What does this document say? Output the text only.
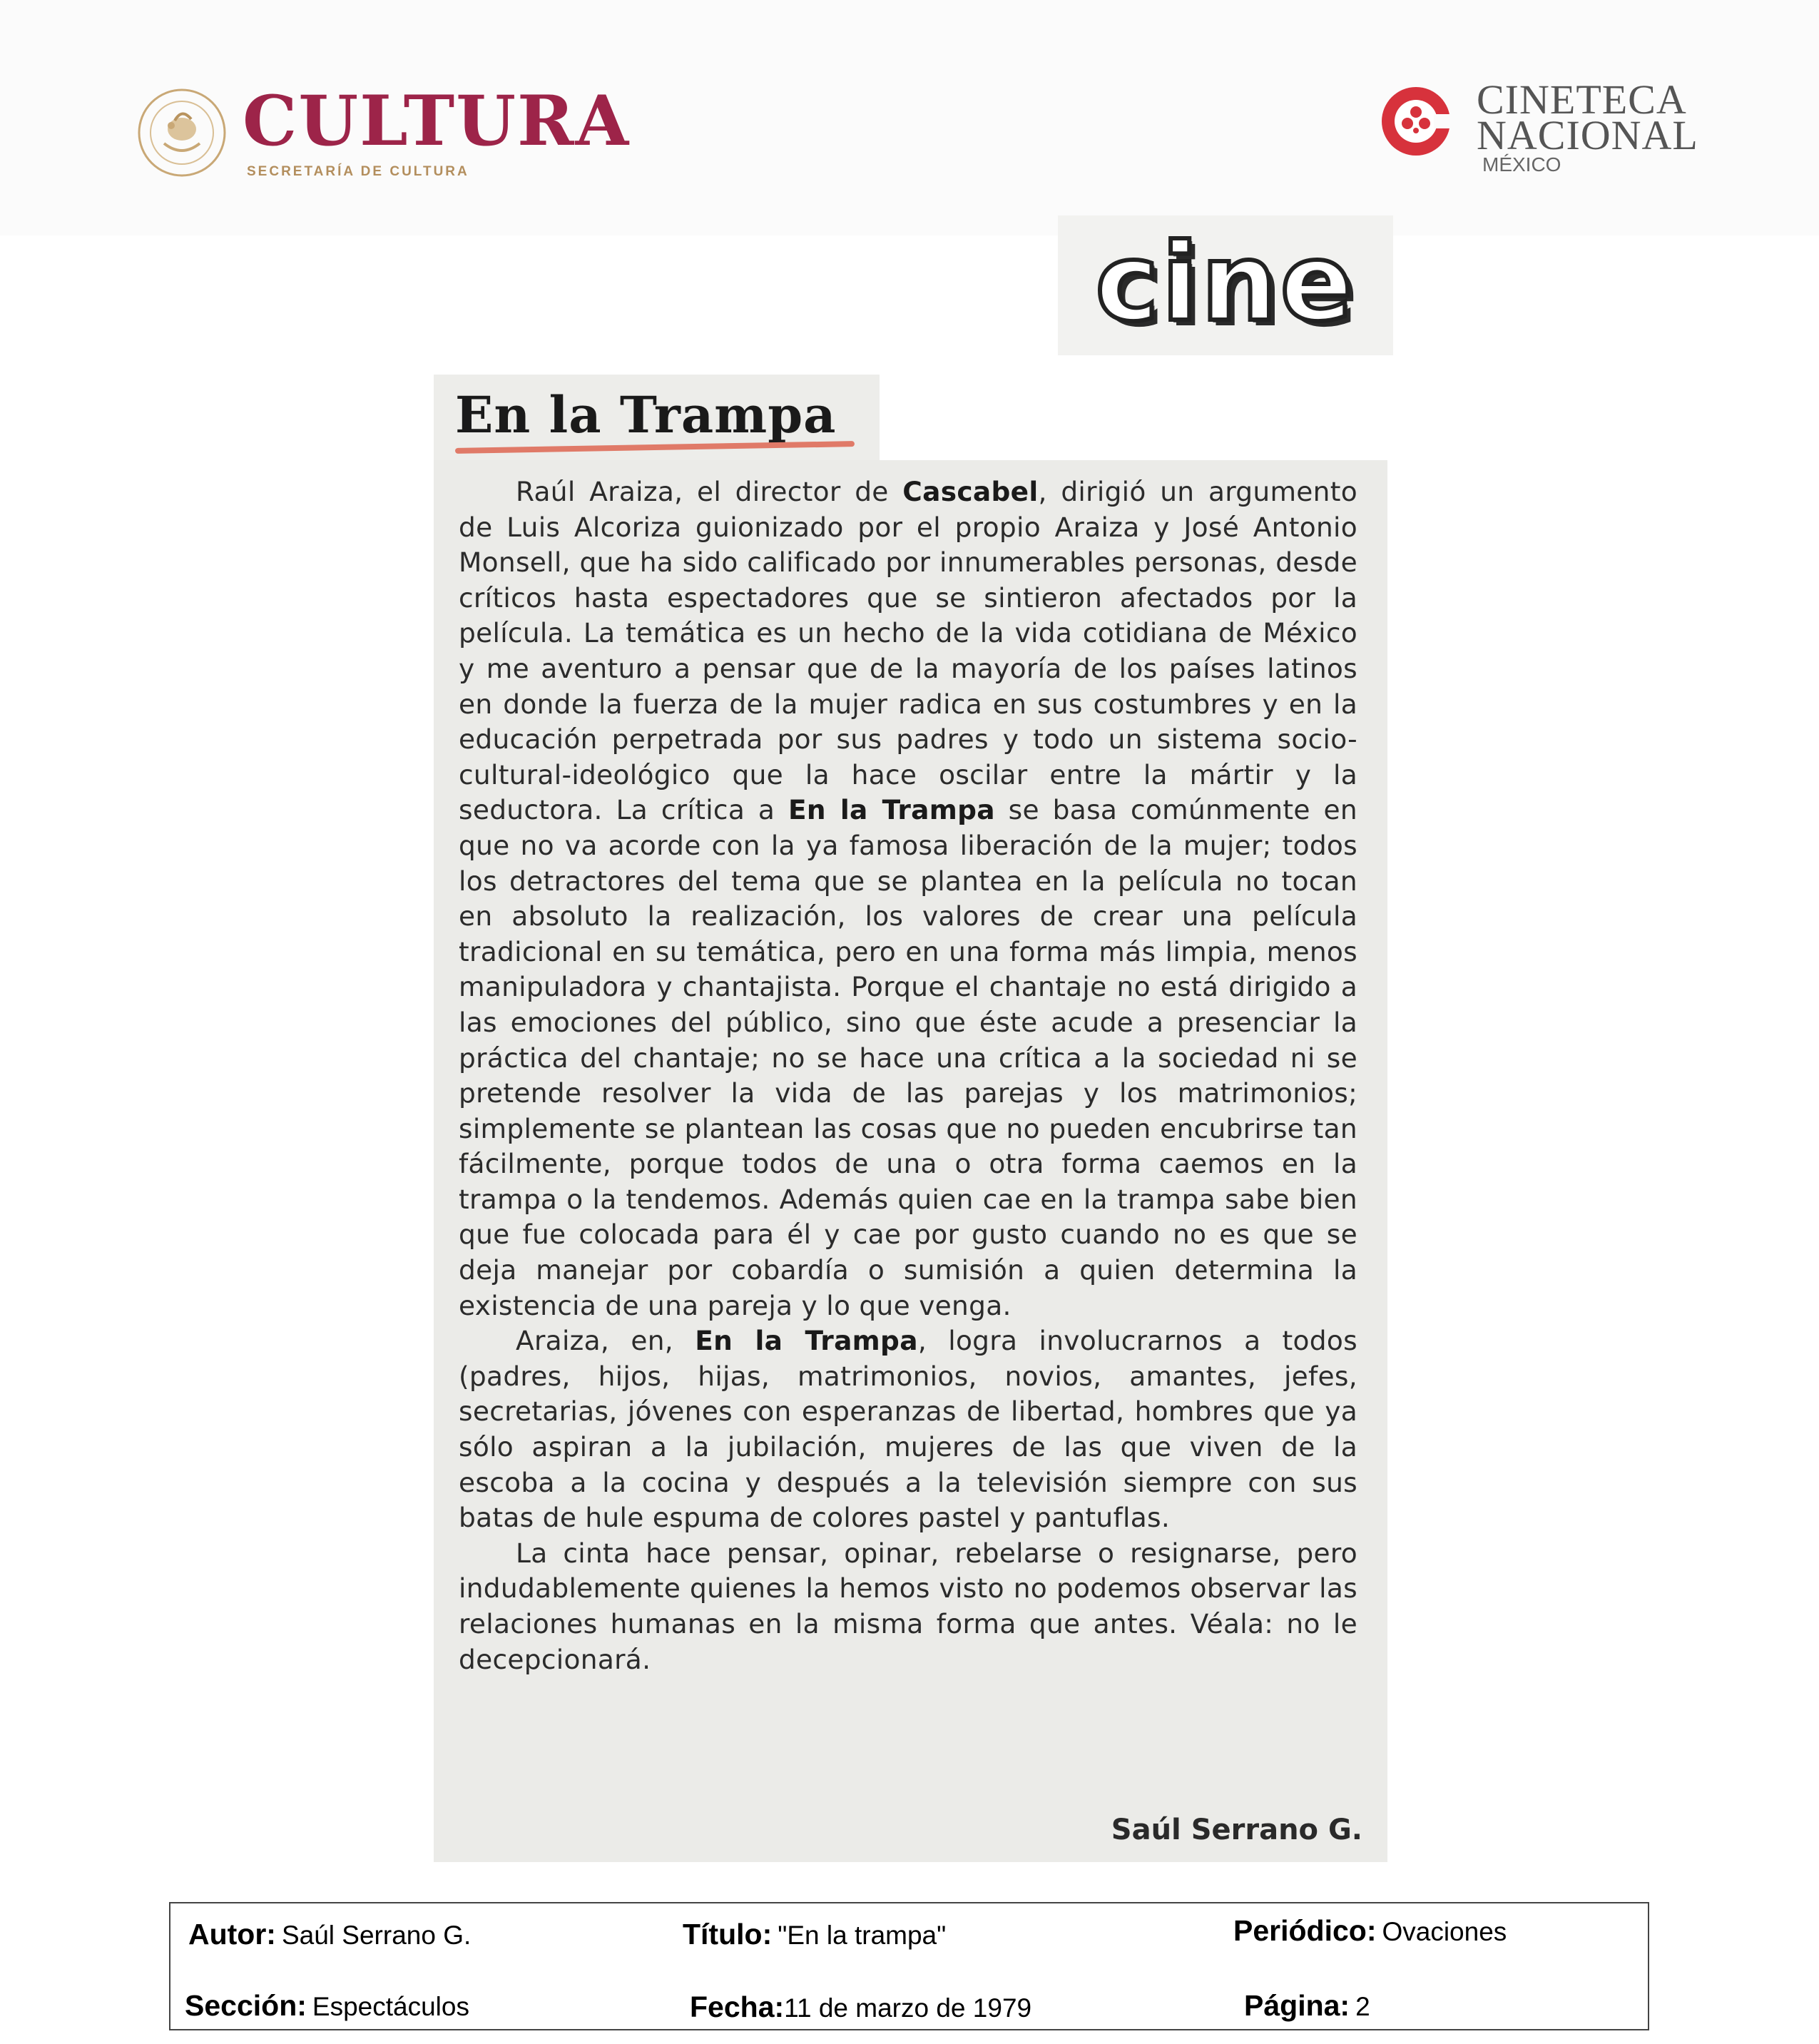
CULTURA
SECRETARÍA DE CULTURA
CINETECA
NACIONAL
MÉXICO
cine
En la Trampa

Raúl Araiza, el director de Cascabel, dirigió un argumento de Luis Alcoriza guionizado por el propio Araiza y José Antonio Monsell, que ha sido calificado por innumerables personas, desde críticos hasta espectadores que se sintieron afectados por la película. La temática es un hecho de la vida cotidiana de México y me aventuro a pensar que de la mayoría de los países latinos en donde la fuerza de la mujer radica en sus costumbres y en la educación perpetrada por sus padres y todo un sistema socio-cultural-ideológico que la hace oscilar entre la mártir y la seductora. La crítica a En la Trampa se basa comúnmente en que no va acorde con la ya famosa liberación de la mujer; todos los detractores del tema que se plantea en la película no tocan en absoluto la realización, los valores de crear una película tradicional en su temática, pero en una forma más limpia, menos manipuladora y chantajista. Porque el chantaje no está dirigido a las emociones del público, sino que éste acude a presenciar la práctica del chantaje; no se hace una crítica a la sociedad ni se pretende resolver la vida de las parejas y los matrimonios; simplemente se plantean las cosas que no pueden encubrirse tan fácilmente, porque todos de una o otra forma caemos en la trampa o la tendemos. Además quien cae en la trampa sabe bien que fue colocada para él y cae por gusto cuando no es que se deja manejar por cobardía o sumisión a quien determina la existencia de una pareja y lo que venga.

Araiza, en, En la Trampa, logra involucrarnos a todos (padres, hijos, hijas, matrimonios, novios, amantes, jefes, secretarias, jóvenes con esperanzas de libertad, hombres que ya sólo aspiran a la jubilación, mujeres de las que viven de la escoba a la cocina y después a la televisión siempre con sus batas de hule espuma de colores pastel y pantuflas.

La cinta hace pensar, opinar, rebelarse o resignarse, pero indudablemente quienes la hemos visto no podemos observar las relaciones humanas en la misma forma que antes. Véala: no le decepcionará.

Saúl Serrano G.
Autor: Saúl Serrano G.	Título: "En la trampa"	Periódico: Ovaciones
Sección: Espectáculos	Fecha: 11 de marzo de 1979	Página: 2
